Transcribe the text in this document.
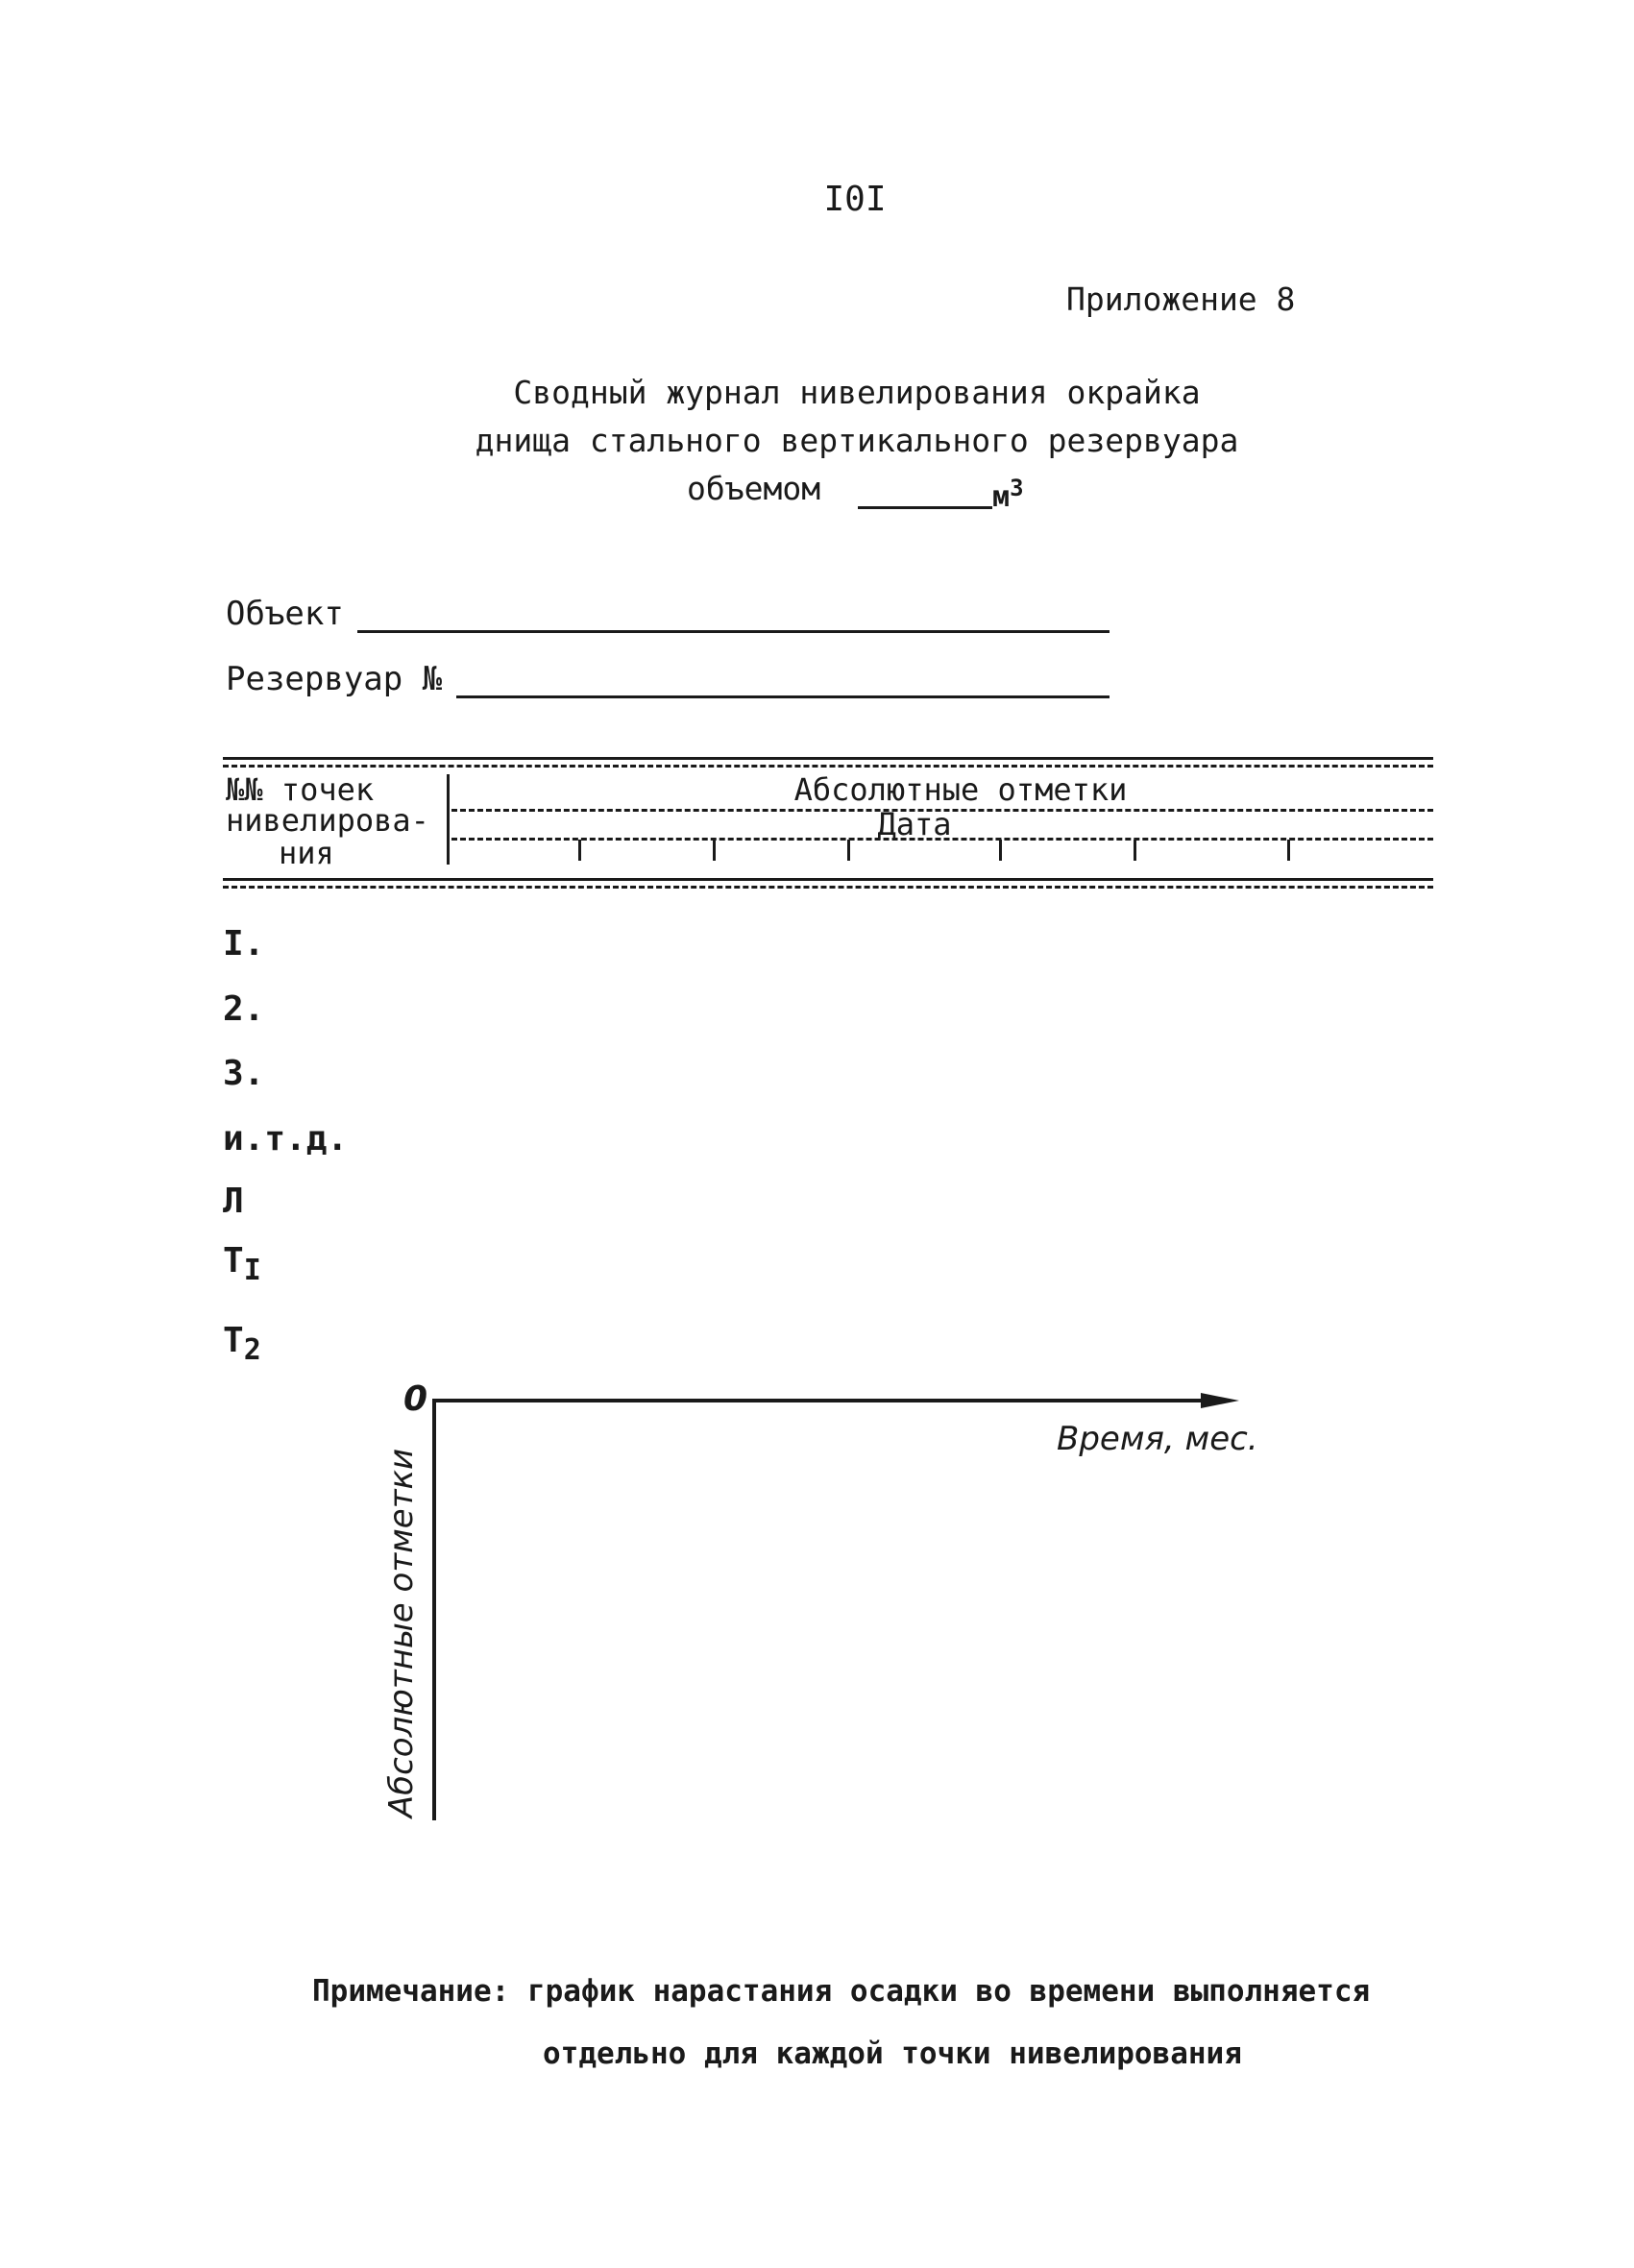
I0I
Приложение 8
Сводный журнал нивелирования окрайка
днища стального вертикального резервуара
объемом	$м^3$
Объект
Резервуар №
№№ точек
нивелирова-
ния
Абсолютные отметки
Дата
I.
2.
3.
и.т.д.
Л
$Т_I$
$Т_2$
0
Время, мес.
Абсолютные отметки
Примечание: график нарастания осадки во времени выполняется
отдельно для каждой точки нивелирования
